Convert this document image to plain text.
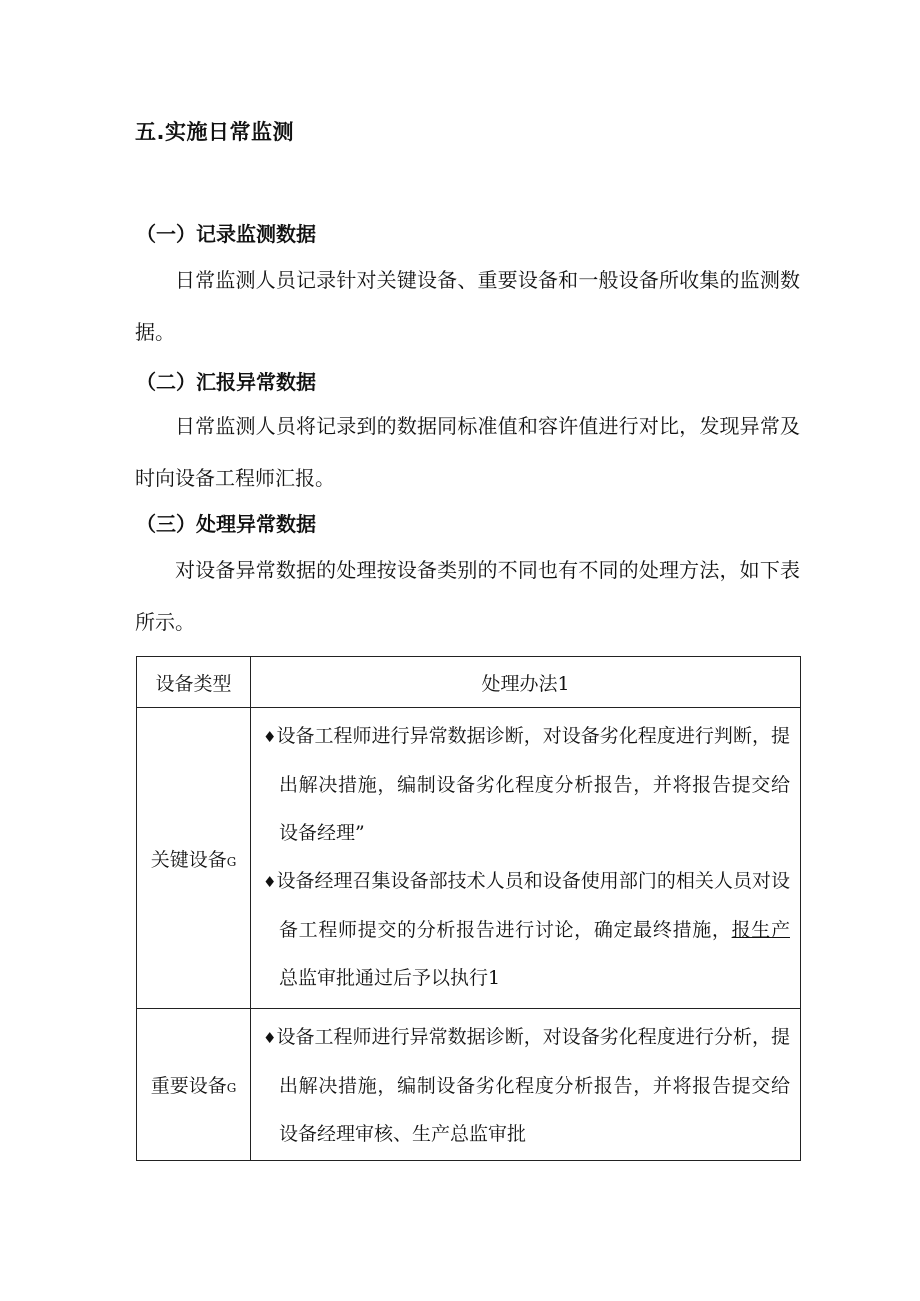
五.实施日常监测
（一）记录监测数据
日常监测人员记录针对关键设备、重要设备和一般设备所收集的监测数据。
（二）汇报异常数据
日常监测人员将记录到的数据同标准值和容许值进行对比，发现异常及时向设备工程师汇报。
（三）处理异常数据
对设备异常数据的处理按设备类别的不同也有不同的处理方法，如下表所示。
设备类型	处理办法1
关键设备G	♦设备工程师进行异常数据诊断，对设备劣化程度进行判断，提出解决措施，编制设备劣化程度分析报告，并将报告提交给设备经理”
♦设备经理召集设备部技术人员和设备使用部门的相关人员对设备工程师提交的分析报告进行讨论，确定最终措施，报生产总监审批通过后予以执行1

重要设备G	♦设备工程师进行异常数据诊断，对设备劣化程度进行分析，提出解决措施，编制设备劣化程度分析报告，并将报告提交给设备经理审核、生产总监审批
